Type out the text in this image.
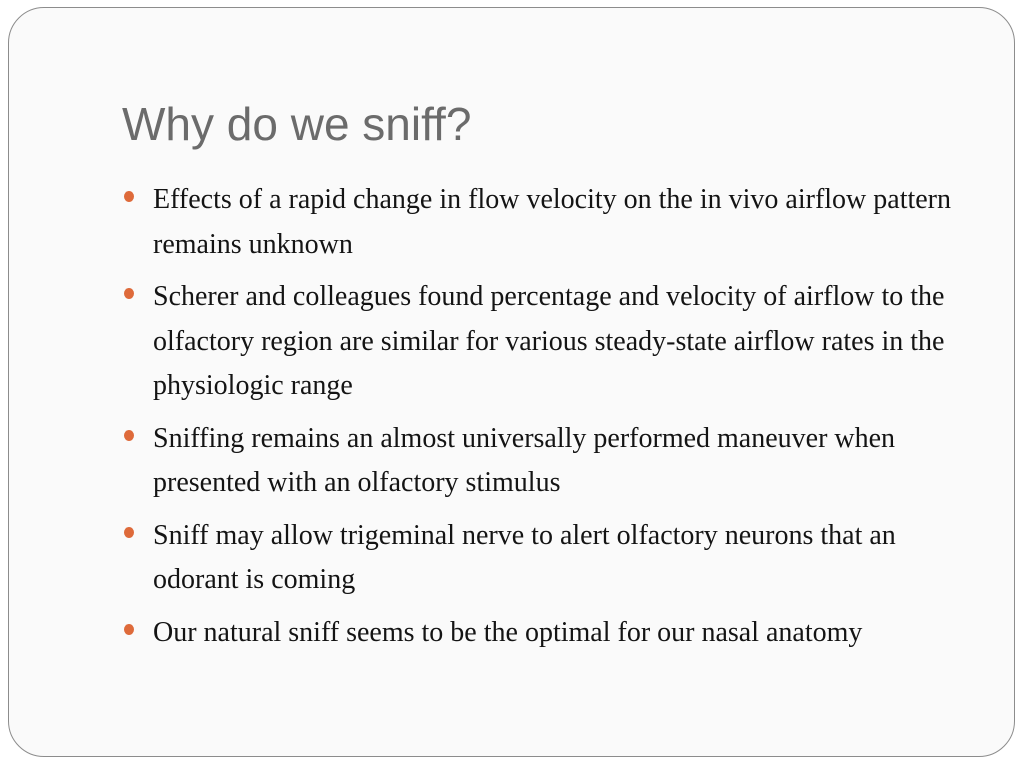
Why do we sniff?
Effects of a rapid change in flow velocity on the in vivo airflow pattern remains unknown
Scherer and colleagues found percentage and velocity of airflow to the olfactory region are similar for various steady-state airflow rates in the physiologic range
Sniffing remains an almost universally performed maneuver when presented with an olfactory stimulus
Sniff may allow trigeminal nerve to alert olfactory neurons that an odorant is coming
Our natural sniff seems to be the optimal for our nasal anatomy
